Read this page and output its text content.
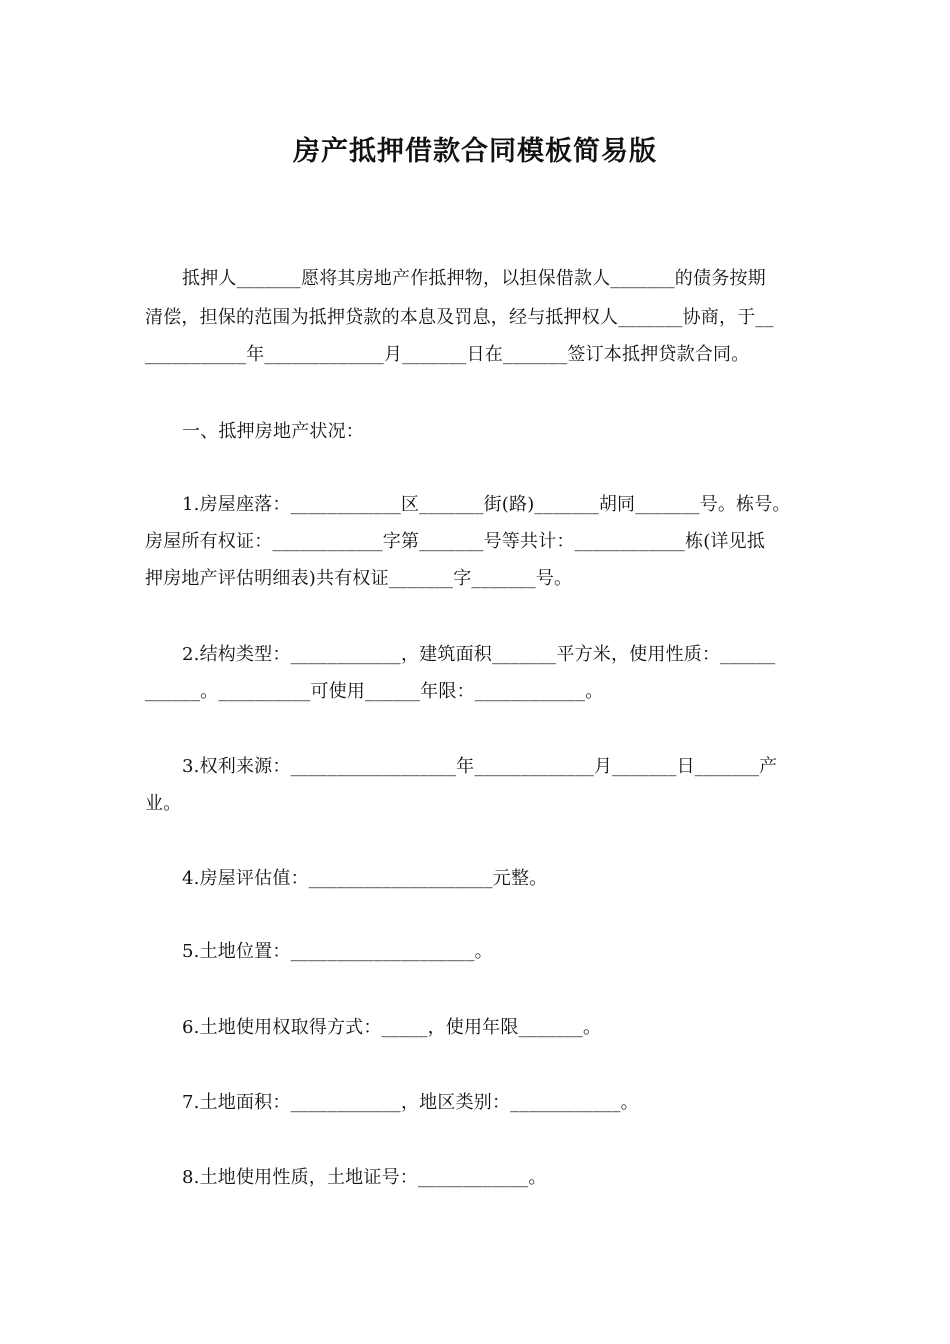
房产抵押借款合同模板简易版
抵押人_______愿将其房地产作抵押物，以担保借款人_______的债务按期
清偿，担保的范围为抵押贷款的本息及罚息，经与抵押权人_______协商，于__
___________年_____________月_______日在_______签订本抵押贷款合同。
一、抵押房地产状况：
1.房屋座落：____________区_______街(路)_______胡同_______号。栋号。
房屋所有权证：____________字第_______号等共计：____________栋(详见抵
押房地产评估明细表)共有权证_______字_______号。
2.结构类型：____________，建筑面积_______平方米，使用性质：______
______。__________可使用______年限：____________。
3.权利来源：__________________年_____________月_______日_______产
业。
4.房屋评估值：____________________元整。
5.土地位置：____________________。
6.土地使用权取得方式：_____，使用年限_______。
7.土地面积：____________，地区类别：____________。
8.土地使用性质，土地证号：____________。
